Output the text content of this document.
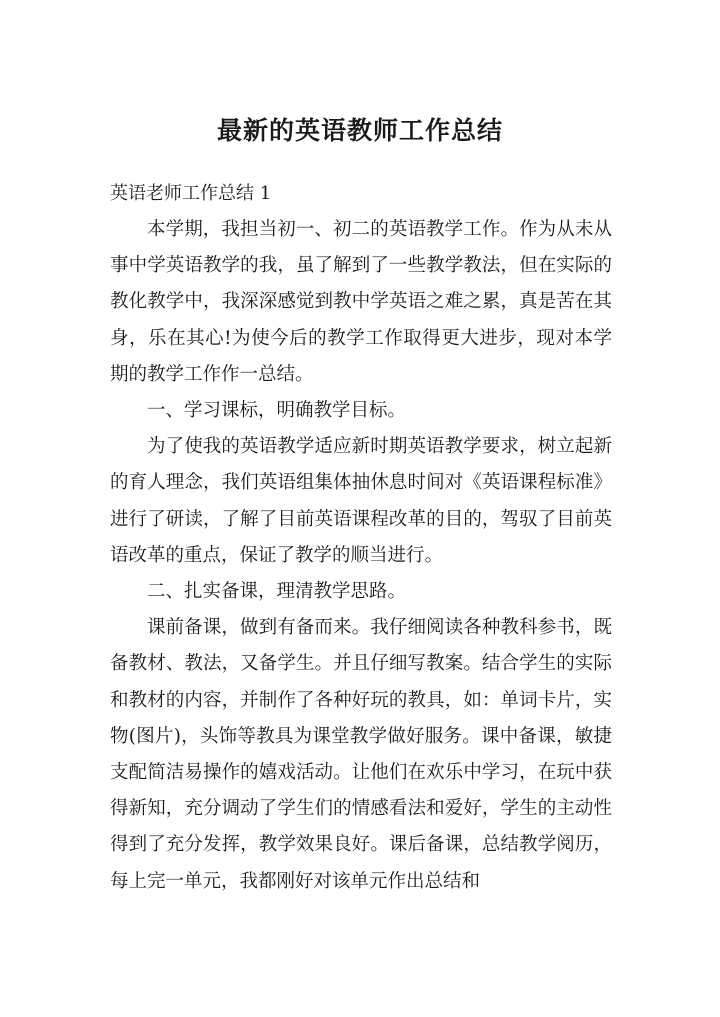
最新的英语教师工作总结

英语老师工作总结 1

本学期，我担当初一、初二的英语教学工作。作为从未从事中学英语教学的我，虽了解到了一些教学教法，但在实际的教化教学中，我深深感觉到教中学英语之难之累，真是苦在其身，乐在其心!为使今后的教学工作取得更大进步，现对本学期的教学工作作一总结。

一、学习课标，明确教学目标。

为了使我的英语教学适应新时期英语教学要求，树立起新的育人理念，我们英语组集体抽休息时间对《英语课程标准》进行了研读，了解了目前英语课程改革的目的，驾驭了目前英语改革的重点，保证了教学的顺当进行。

二、扎实备课，理清教学思路。

课前备课，做到有备而来。我仔细阅读各种教科参书，既备教材、教法，又备学生。并且仔细写教案。结合学生的实际和教材的内容，并制作了各种好玩的教具，如：单词卡片，实物(图片)，头饰等教具为课堂教学做好服务。课中备课，敏捷支配简洁易操作的嬉戏活动。让他们在欢乐中学习，在玩中获得新知，充分调动了学生们的情感看法和爱好，学生的主动性得到了充分发挥，教学效果良好。课后备课，总结教学阅历，每上完一单元，我都刚好对该单元作出总结和
